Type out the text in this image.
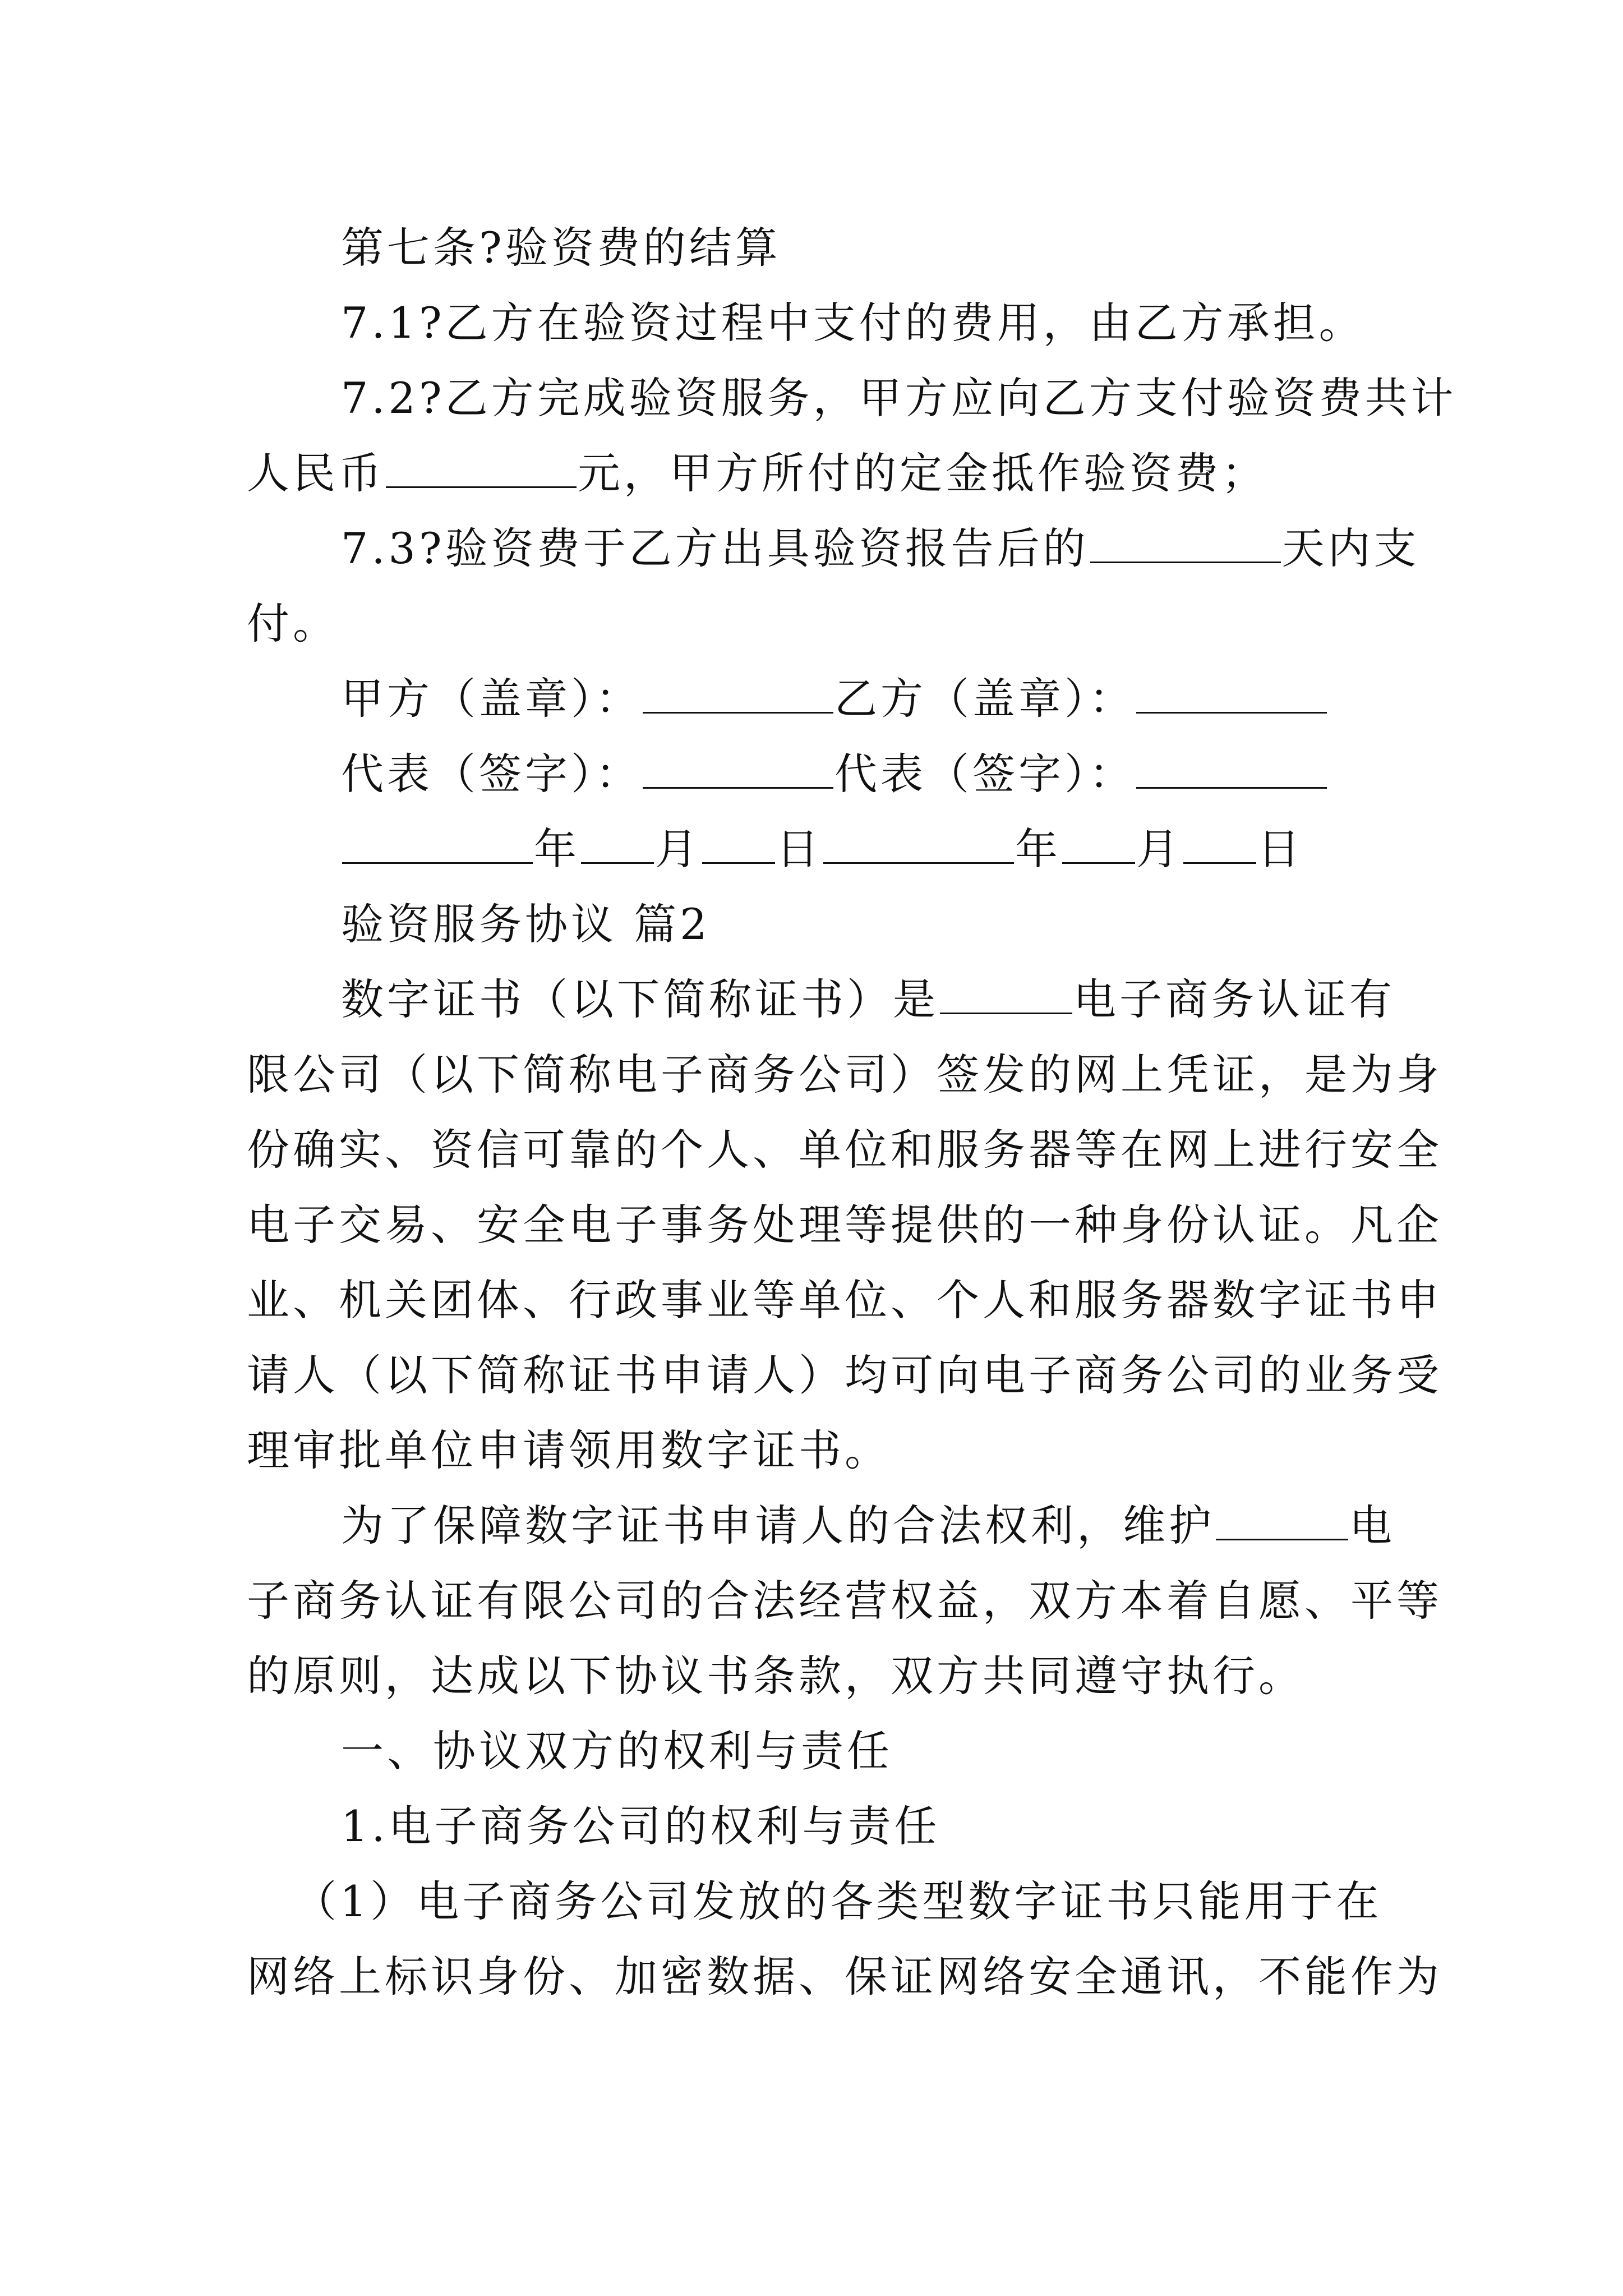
第七条?验资费的结算
7.1?乙方在验资过程中支付的费用，由乙方承担。
7.2?乙方完成验资服务，甲方应向乙方支付验资费共计
人民币	元，甲方所付的定金抵作验资费；
7.3?验资费于乙方出具验资报告后的	天内支
付。
甲方（盖章）：	乙方（盖章）：
代表（签字）：	代表（签字）：
年 月 日	年 月 日
验资服务协议 篇2
数字证书（以下简称证书）是	电子商务认证有
限公司（以下简称电子商务公司）签发的网上凭证，是为身
份确实、资信可靠的个人、单位和服务器等在网上进行安全
电子交易、安全电子事务处理等提供的一种身份认证。凡企
业、机关团体、行政事业等单位、个人和服务器数字证书申
请人（以下简称证书申请人）均可向电子商务公司的业务受
理审批单位申请领用数字证书。
为了保障数字证书申请人的合法权利，维护	电
子商务认证有限公司的合法经营权益，双方本着自愿、平等
的原则，达成以下协议书条款，双方共同遵守执行。
一、协议双方的权利与责任
1.电子商务公司的权利与责任
（1）电子商务公司发放的各类型数字证书只能用于在
网络上标识身份、加密数据、保证网络安全通讯，不能作为
